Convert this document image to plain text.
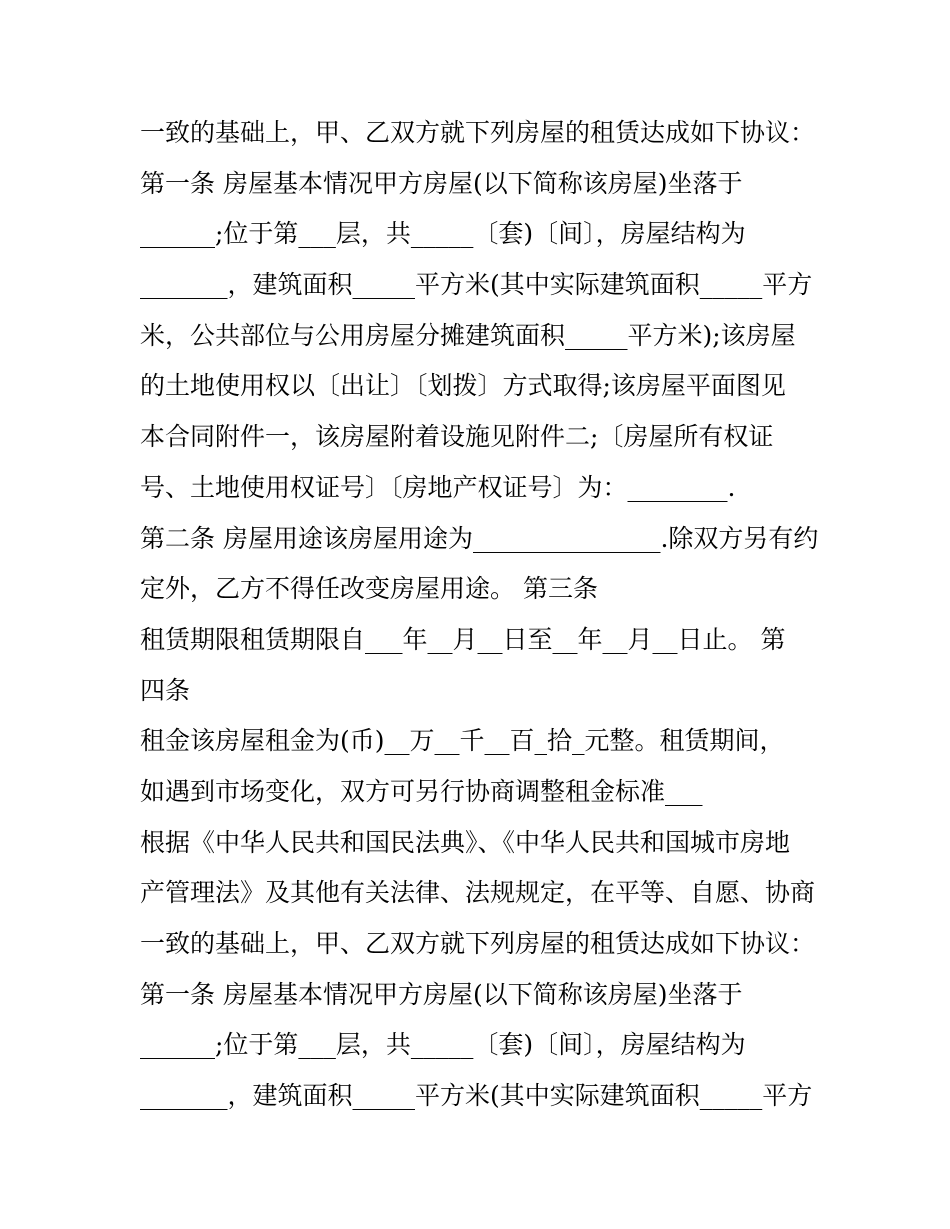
一致的基础上，甲、乙双方就下列房屋的租赁达成如下协议：
第一条 房屋基本情况甲方房屋(以下简称该房屋)坐落于
______;位于第___层，共_____〔套)〔间〕，房屋结构为
_______，建筑面积_____平方米(其中实际建筑面积_____平方
米，公共部位与公用房屋分摊建筑面积_____平方米);该房屋
的土地使用权以〔出让〕〔划拨〕方式取得;该房屋平面图见
本合同附件一，该房屋附着设施见附件二;〔房屋所有权证
号、土地使用权证号〕〔房地产权证号〕为：________.
第二条 房屋用途该房屋用途为_______________.除双方另有约
定外，乙方不得任改变房屋用途。 第三条
租赁期限租赁期限自___年__月__日至__年__月__日止。 第
四条
租金该房屋租金为(币)__万__千__百_拾_元整。租赁期间，
如遇到市场变化，双方可另行协商调整租金标准___
根据《中华人民共和国民法典》、《中华人民共和国城市房地
产管理法》及其他有关法律、法规规定，在平等、自愿、协商
一致的基础上，甲、乙双方就下列房屋的租赁达成如下协议：
第一条 房屋基本情况甲方房屋(以下简称该房屋)坐落于
______;位于第___层，共_____〔套)〔间〕，房屋结构为
_______，建筑面积_____平方米(其中实际建筑面积_____平方
